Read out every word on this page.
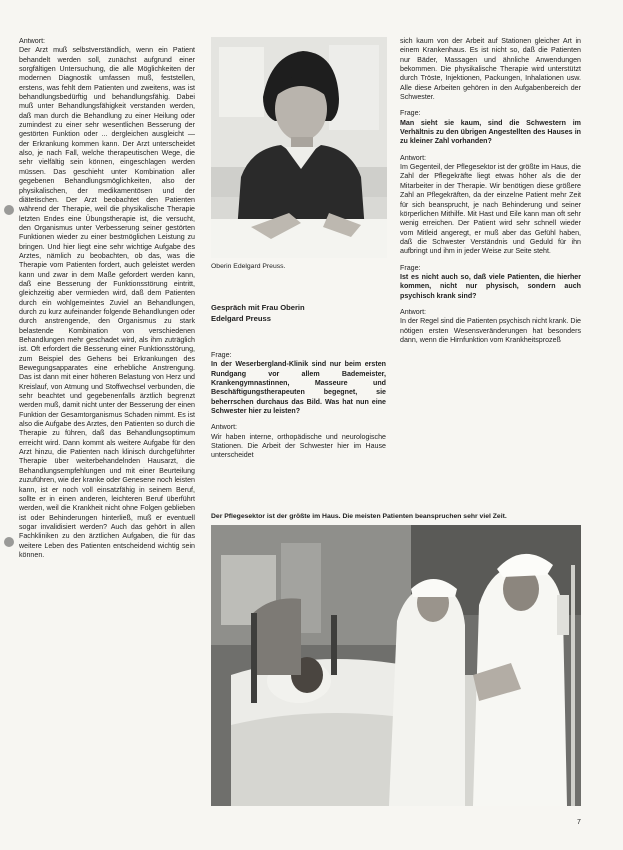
Antwort:

Der Arzt muß selbstverständlich, wenn ein Patient behandelt werden soll, zunächst aufgrund einer sorgfältigen Untersuchung, die alle Möglichkeiten der modernen Diagnostik umfassen muß, feststellen, erstens, was fehlt dem Patienten und zweitens, was ist behandlungsbedürftig und behandlungsfähig. Dabei muß unter Behandlungsfähigkeit verstanden werden, daß man durch die Behandlung zu einer Heilung oder zumindest zu einer sehr wesentlichen Besserung der gestörten Funktion oder ... dergleichen ausgleicht — der Erkrankung kommen kann. Der Arzt unterscheidet also, je nach Fall, welche therapeutischen Wege, die sehr vielfältig sein können, eingeschlagen werden müssen. Das geschieht unter Kombination aller gegebenen Behandlungsmöglichkeiten, also der physikalischen, der medikamentösen und der diätetischen. Der Arzt beobachtet den Patienten während der Therapie, weil die physikalische Therapie letzten Endes eine Übungstherapie ist, die versucht, den Organismus unter Verbesserung seiner gestörten Funktionen wieder zu einer bestmöglichen Leistung zu bringen. Und hier liegt eine sehr wichtige Aufgabe des Arztes, nämlich zu beobachten, ob das, was die Therapie vom Patienten fordert, auch geleistet werden kann und zwar in dem Maße gefordert werden kann, daß eine Besserung der Funktionsstörung eintritt, gleichzeitig aber vermieden wird, daß dem Patienten durch ein wohlgemeintes Zuviel an Behandlungen, durch zu kurz aufeinander folgende Behandlungen oder durch anstrengende, den Organismus zu stark belastende Kombination von verschiedenen Behandlungen mehr geschadet wird, als ihm zuträglich ist. Oft erfordert die Besserung einer Funktionsstörung, zum Beispiel des Gehens bei Erkrankungen des Bewegungsapparates eine erhebliche Anstrengung. Das ist dann mit einer höheren Belastung von Herz und Kreislauf, von Atmung und Stoffwechsel verbunden, die sehr beachtet und gegebenenfalls ärztlich begrenzt werden muß, damit nicht unter der Besserung der einen Funktion der Gesamtorganismus Schaden nimmt. Es ist also die Aufgabe des Arztes, den Patienten so durch die Therapie zu führen, daß das Behandlungsoptimum erreicht wird. Dann kommt als weitere Aufgabe für den Arzt hinzu, die Patienten nach klinisch durchgeführter Therapie über weiterbehandelnden Hausarzt, die Behandlungsempfehlungen und mit einer Beurteilung zuzuführen, wie der kranke oder Genesene noch leisten kann, ist er noch voll einsatzfähig in seinem Beruf, sollte er in einen anderen, leichteren Beruf überführt werden, weil die Krankheit nicht ohne Folgen geblieben ist oder Behinderungen hinterließ, muß er eventuell sogar invalidisiert werden? Auch das gehört in allen Fachkliniken zu den ärztlichen Aufgaben, die für das weitere Leben des Patienten entscheidend wichtig sein können.

Oberin Edelgard Preuss.
Gespräch mit Frau Oberin
Edelgard Preuss

Frage:

In der Weserbergland-Klinik sind nur beim ersten Rundgang vor allem Bademeister, Krankengymnastinnen, Masseure und Beschäftigungstherapeuten begegnet, sie beherrschen durchaus das Bild. Was hat nun eine Schwester hier zu leisten?

Antwort:

Wir haben interne, orthopädische und neurologische Stationen. Die Arbeit der Schwester hier im Hause unterscheidet

sich kaum von der Arbeit auf Stationen gleicher Art in einem Krankenhaus. Es ist nicht so, daß die Patienten nur Bäder, Massagen und ähnliche Anwendungen bekommen. Die physikalische Therapie wird unterstützt durch Tröste, Injektionen, Packungen, Inhalationen usw. Alle diese Arbeiten gehören in den Aufgabenbereich der Schwester.

Frage:

Man sieht sie kaum, sind die Schwestern im Verhältnis zu den übrigen Angestellten des Hauses in zu kleiner Zahl vorhanden?

Antwort:

Im Gegenteil, der Pflegesektor ist der größte im Haus, die Zahl der Pflegekräfte liegt etwas höher als die der Mitarbeiter in der Therapie. Wir benötigen diese größere Zahl an Pflegekräften, da der einzelne Patient mehr Zeit für sich beansprucht, je nach Behinderung und seiner körperlichen Mithilfe. Mit Hast und Eile kann man oft sehr wenig erreichen. Der Patient wird sehr schnell wieder vom Mitleid angeregt, er muß aber das Gefühl haben, daß die Schwester Verständnis und Geduld für ihn aufbringt und ihm in jeder Weise zur Seite steht.

Frage:

Ist es nicht auch so, daß viele Patienten, die hierher kommen, nicht nur physisch, sondern auch psychisch krank sind?

Antwort:

In der Regel sind die Patienten psychisch nicht krank. Die nötigen ersten Wesensveränderungen hat besonders dann, wenn die Hirnfunktion vom Krankheitsprozeß

Der Pflegesektor ist der größte im Haus. Die meisten Patienten beanspruchen sehr viel Zeit.
7
